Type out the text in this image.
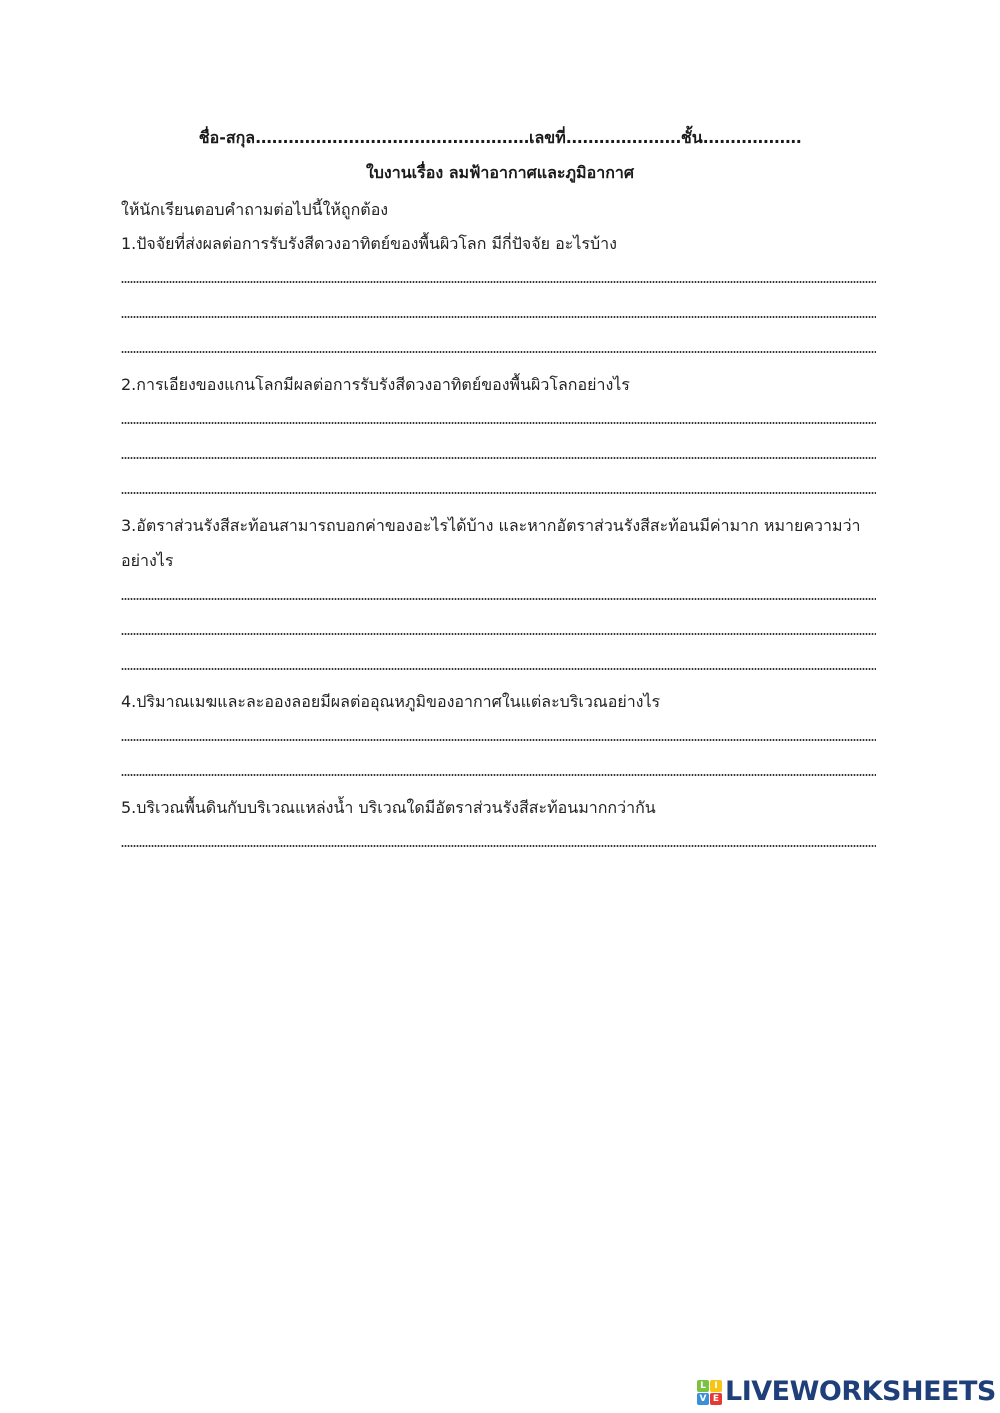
ชื่อ-สกุล..................................................เลขที่.....................ชั้น..................
ใบงานเรื่อง ลมฟ้าอากาศและภูมิอากาศ
ให้นักเรียนตอบคำถามต่อไปนี้ให้ถูกต้อง
1.ปัจจัยที่ส่งผลต่อการรับรังสีดวงอาทิตย์ของพื้นผิวโลก มีกี่ปัจจัย อะไรบ้าง
2.การเอียงของแกนโลกมีผลต่อการรับรังสีดวงอาทิตย์ของพื้นผิวโลกอย่างไร
3.อัตราส่วนรังสีสะท้อนสามารถบอกค่าของอะไรได้บ้าง และหากอัตราส่วนรังสีสะท้อนมีค่ามาก หมายความว่า
อย่างไร
4.ปริมาณเมฆและละอองลอยมีผลต่ออุณหภูมิของอากาศในแต่ละบริเวณอย่างไร
5.บริเวณพื้นดินกับบริเวณแหล่งน้ำ บริเวณใดมีอัตราส่วนรังสีสะท้อนมากกว่ากัน
L I
V E LIVEWORKSHEETS
